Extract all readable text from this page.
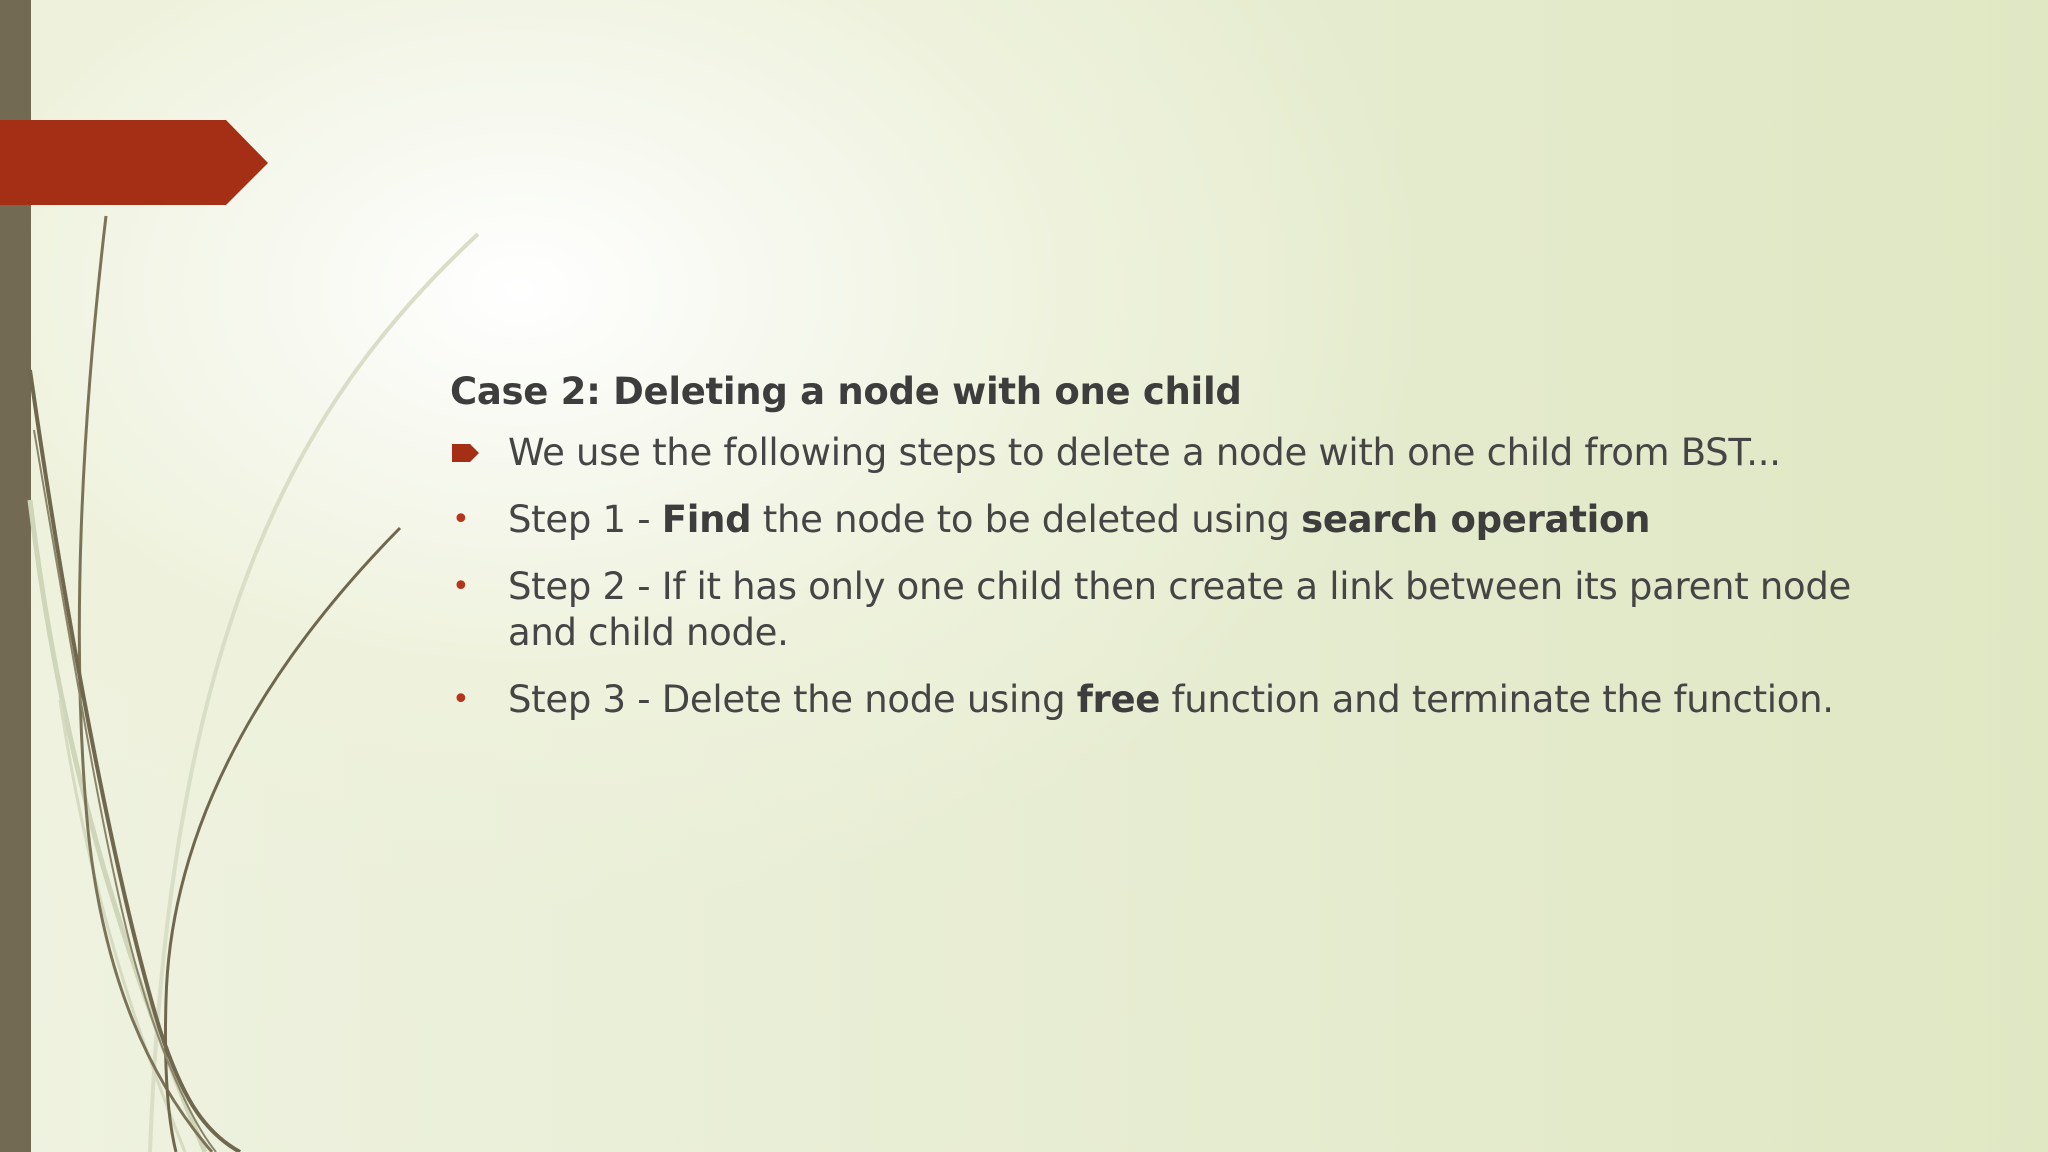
Case 2: Deleting a node with one child
We use the following steps to delete a node with one child from BST...
• Step 1 - Find the node to be deleted using search operation
• Step 2 - If it has only one child then create a link between its parent node and child node.
• Step 3 - Delete the node using free function and terminate the function.
